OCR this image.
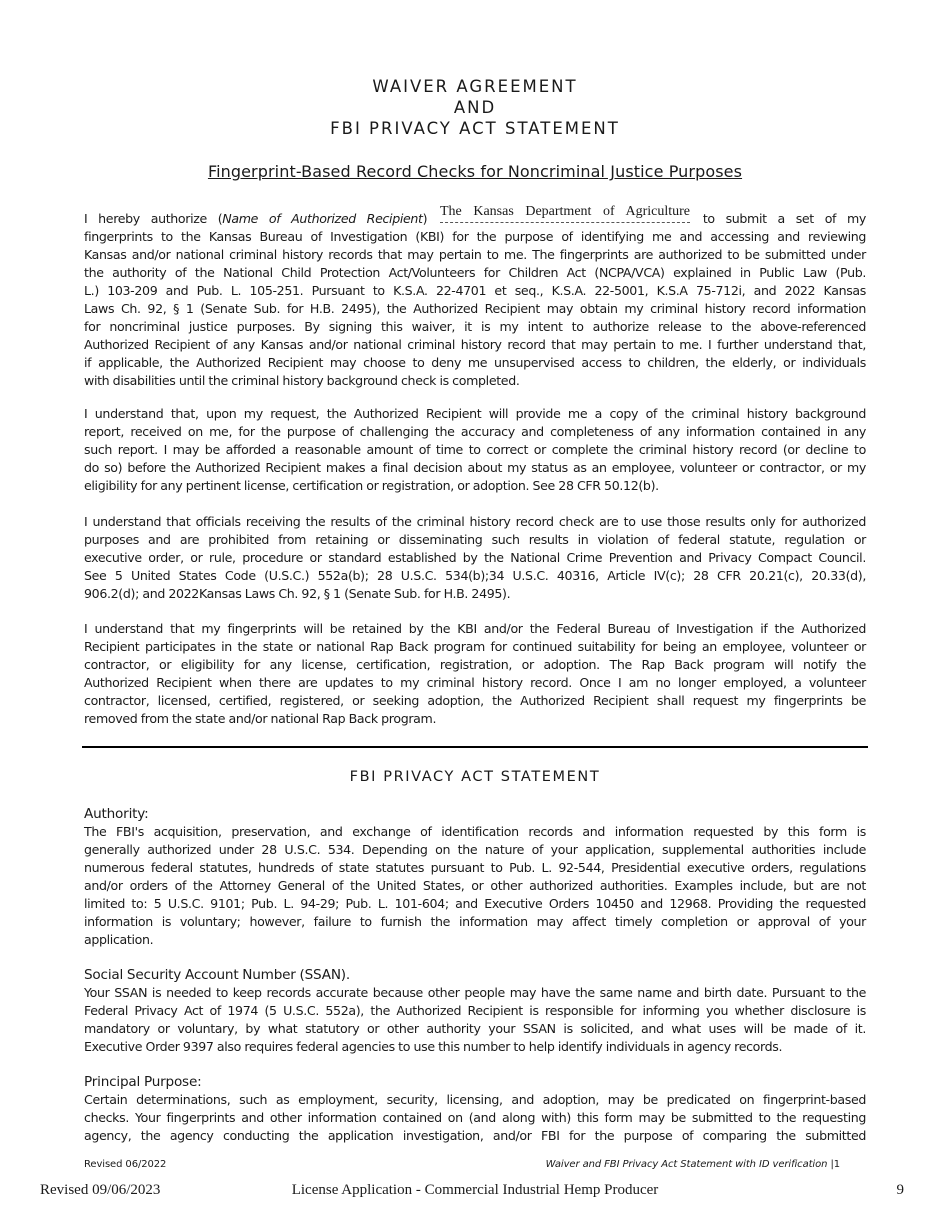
WAIVER AGREEMENT
AND
FBI PRIVACY ACT STATEMENT
Fingerprint-Based Record Checks for Noncriminal Justice Purposes
I hereby authorize (Name of Authorized Recipient) The Kansas Department of Agriculture to submit a set of my
fingerprints to the Kansas Bureau of Investigation (KBI) for the purpose of identifying me and accessing and reviewing
Kansas and/or national criminal history records that may pertain to me. The fingerprints are authorized to be submitted under
the authority of the National Child Protection Act/Volunteers for Children Act (NCPA/VCA) explained in Public Law (Pub.
L.) 103-209 and Pub. L. 105-251. Pursuant to K.S.A. 22-4701 et seq., K.S.A. 22-5001, K.S.A 75-712i, and 2022 Kansas
Laws Ch. 92, § 1 (Senate Sub. for H.B. 2495), the Authorized Recipient may obtain my criminal history record information
for noncriminal justice purposes. By signing this waiver, it is my intent to authorize release to the above-referenced
Authorized Recipient of any Kansas and/or national criminal history record that may pertain to me. I further understand that,
if applicable, the Authorized Recipient may choose to deny me unsupervised access to children, the elderly, or individuals
with disabilities until the criminal history background check is completed.
I understand that, upon my request, the Authorized Recipient will provide me a copy of the criminal history background
report, received on me, for the purpose of challenging the accuracy and completeness of any information contained in any
such report. I may be afforded a reasonable amount of time to correct or complete the criminal history record (or decline to
do so) before the Authorized Recipient makes a final decision about my status as an employee, volunteer or contractor, or my
eligibility for any pertinent license, certification or registration, or adoption. See 28 CFR 50.12(b).
I understand that officials receiving the results of the criminal history record check are to use those results only for authorized
purposes and are prohibited from retaining or disseminating such results in violation of federal statute, regulation or
executive order, or rule, procedure or standard established by the National Crime Prevention and Privacy Compact Council.
See 5 United States Code (U.S.C.) 552a(b); 28 U.S.C. 534(b);34 U.S.C. 40316, Article IV(c); 28 CFR 20.21(c), 20.33(d),
906.2(d); and 2022Kansas Laws Ch. 92, § 1 (Senate Sub. for H.B. 2495).
I understand that my fingerprints will be retained by the KBI and/or the Federal Bureau of Investigation if the Authorized
Recipient participates in the state or national Rap Back program for continued suitability for being an employee, volunteer or
contractor, or eligibility for any license, certification, registration, or adoption. The Rap Back program will notify the
Authorized Recipient when there are updates to my criminal history record. Once I am no longer employed, a volunteer
contractor, licensed, certified, registered, or seeking adoption, the Authorized Recipient shall request my fingerprints be
removed from the state and/or national Rap Back program.
FBI PRIVACY ACT STATEMENT
Authority:
The FBI's acquisition, preservation, and exchange of identification records and information requested by this form is
generally authorized under 28 U.S.C. 534. Depending on the nature of your application, supplemental authorities include
numerous federal statutes, hundreds of state statutes pursuant to Pub. L. 92-544, Presidential executive orders, regulations
and/or orders of the Attorney General of the United States, or other authorized authorities. Examples include, but are not
limited to: 5 U.S.C. 9101; Pub. L. 94-29; Pub. L. 101-604; and Executive Orders 10450 and 12968. Providing the requested
information is voluntary; however, failure to furnish the information may affect timely completion or approval of your
application.
Social Security Account Number (SSAN).
Your SSAN is needed to keep records accurate because other people may have the same name and birth date. Pursuant to the
Federal Privacy Act of 1974 (5 U.S.C. 552a), the Authorized Recipient is responsible for informing you whether disclosure is
mandatory or voluntary, by what statutory or other authority your SSAN is solicited, and what uses will be made of it.
Executive Order 9397 also requires federal agencies to use this number to help identify individuals in agency records.
Principal Purpose:
Certain determinations, such as employment, security, licensing, and adoption, may be predicated on fingerprint-based
checks. Your fingerprints and other information contained on (and along with) this form may be submitted to the requesting
agency, the agency conducting the application investigation, and/or FBI for the purpose of comparing the submitted
Revised 06/2022	Waiver and FBI Privacy Act Statement with ID verification |1
Revised 09/06/2023	License Application - Commercial Industrial Hemp Producer	9
